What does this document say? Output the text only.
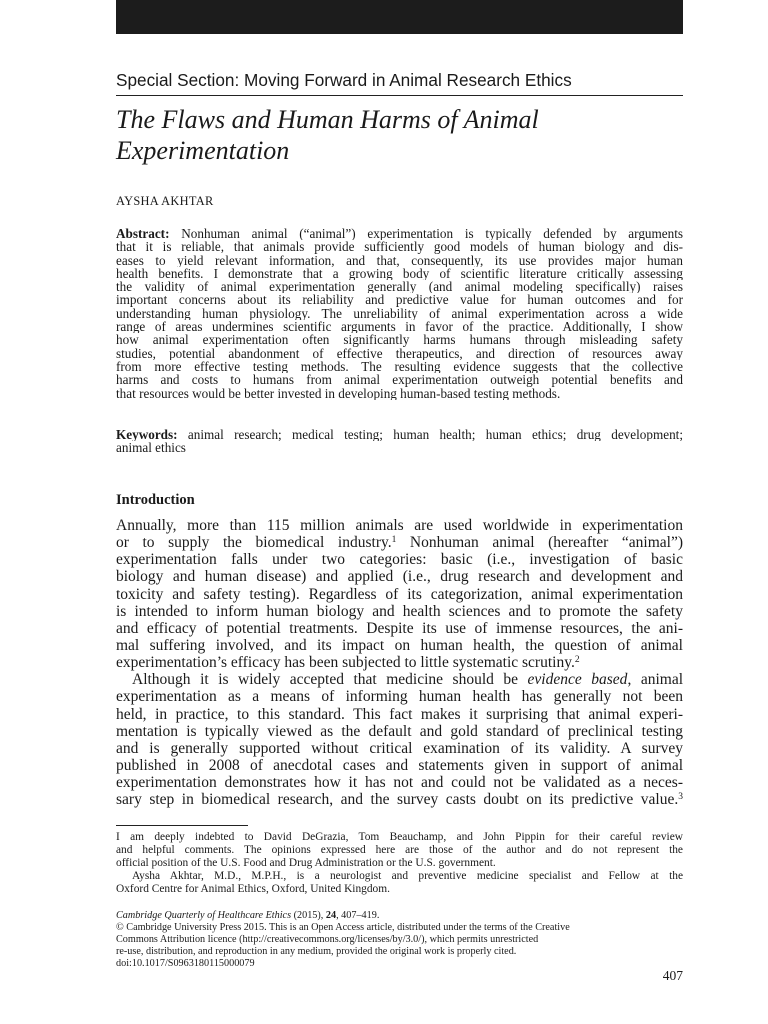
Special Section: Moving Forward in Animal Research Ethics
The Flaws and Human Harms of Animal
Experimentation
AYSHA AKHTAR
Abstract: Nonhuman animal (“animal”) experimentation is typically defended by arguments
that it is reliable, that animals provide sufficiently good models of human biology and dis-
eases to yield relevant information, and that, consequently, its use provides major human
health benefits. I demonstrate that a growing body of scientific literature critically assessing
the validity of animal experimentation generally (and animal modeling specifically) raises
important concerns about its reliability and predictive value for human outcomes and for
understanding human physiology. The unreliability of animal experimentation across a wide
range of areas undermines scientific arguments in favor of the practice. Additionally, I show
how animal experimentation often significantly harms humans through misleading safety
studies, potential abandonment of effective therapeutics, and direction of resources away
from more effective testing methods. The resulting evidence suggests that the collective
harms and costs to humans from animal experimentation outweigh potential benefits and
that resources would be better invested in developing human-based testing methods.
Keywords: animal research; medical testing; human health; human ethics; drug development;
animal ethics
Introduction
Annually, more than 115 million animals are used worldwide in experimentation
or to supply the biomedical industry.$^1$ Nonhuman animal (hereafter “animal”)
experimentation falls under two categories: basic (i.e., investigation of basic
biology and human disease) and applied (i.e., drug research and development and
toxicity and safety testing). Regardless of its categorization, animal experimentation
is intended to inform human biology and health sciences and to promote the safety
and efficacy of potential treatments. Despite its use of immense resources, the ani-
mal suffering involved, and its impact on human health, the question of animal
experimentation’s efficacy has been subjected to little systematic scrutiny.$^2$
Although it is widely accepted that medicine should be evidence based, animal
experimentation as a means of informing human health has generally not been
held, in practice, to this standard. This fact makes it surprising that animal experi-
mentation is typically viewed as the default and gold standard of preclinical testing
and is generally supported without critical examination of its validity. A survey
published in 2008 of anecdotal cases and statements given in support of animal
experimentation demonstrates how it has not and could not be validated as a neces-
sary step in biomedical research, and the survey casts doubt on its predictive value.$^3$
I am deeply indebted to David DeGrazia, Tom Beauchamp, and John Pippin for their careful review
and helpful comments. The opinions expressed here are those of the author and do not represent the
official position of the U.S. Food and Drug Administration or the U.S. government.
Aysha Akhtar, M.D., M.P.H., is a neurologist and preventive medicine specialist and Fellow at the
Oxford Centre for Animal Ethics, Oxford, United Kingdom.
Cambridge Quarterly of Healthcare Ethics (2015), 24, 407–419.
© Cambridge University Press 2015. This is an Open Access article, distributed under the terms of the Creative
Commons Attribution licence (http://creativecommons.org/licenses/by/3.0/), which permits unrestricted
re-use, distribution, and reproduction in any medium, provided the original work is properly cited.
doi:10.1017/S0963180115000079
407
